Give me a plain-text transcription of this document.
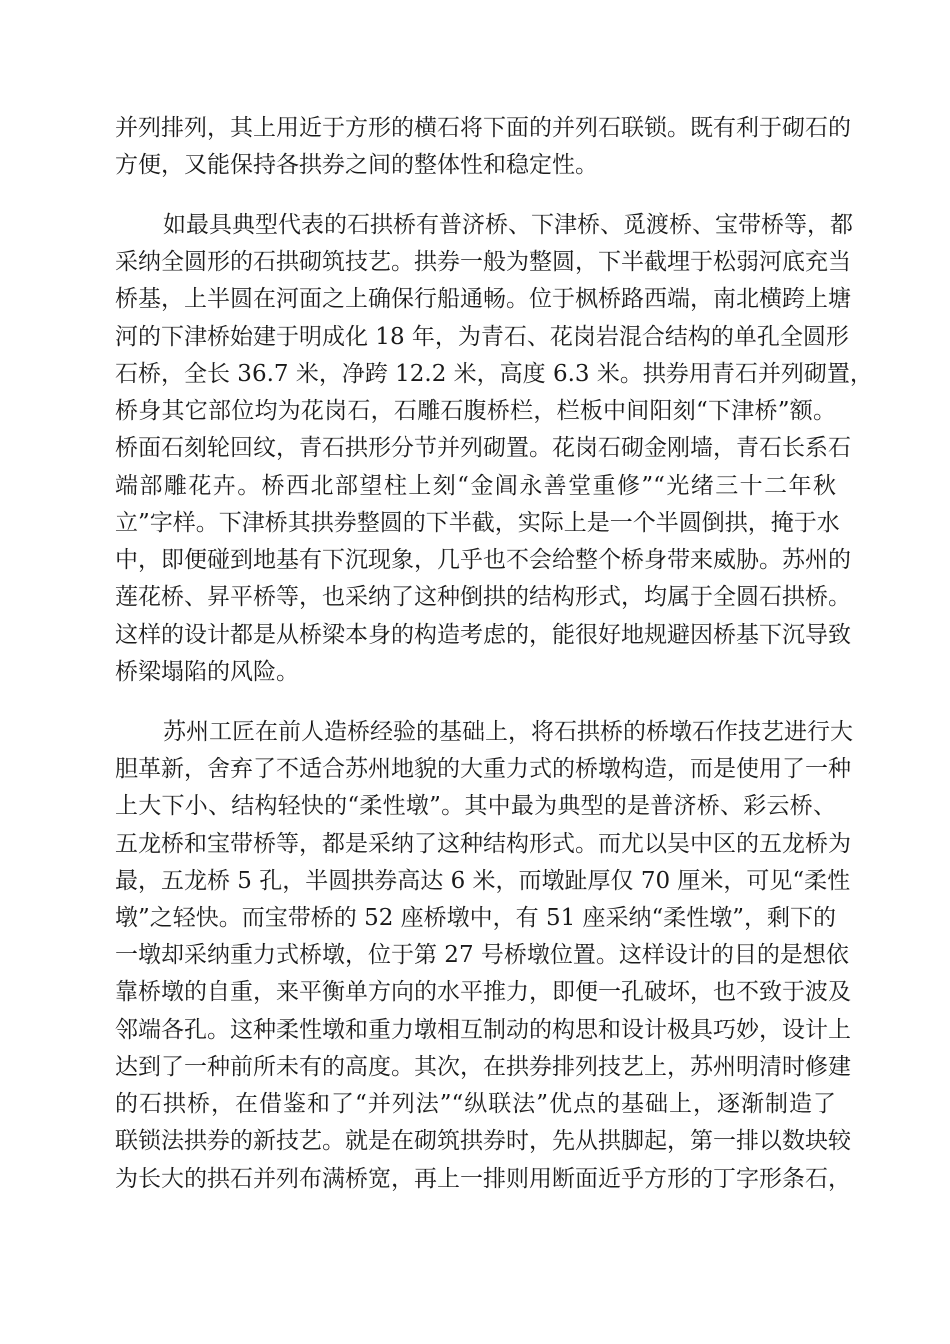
并列排列，其上用近于方形的横石将下面的并列石联锁。既有利于砌石的
方便，又能保持各拱券之间的整体性和稳定性。
如最具典型代表的石拱桥有普济桥、下津桥、觅渡桥、宝带桥等，都
采纳全圆形的石拱砌筑技艺。拱券一般为整圆，下半截埋于松弱河底充当
桥基，上半圆在河面之上确保行船通畅。位于枫桥路西端，南北横跨上塘
河的下津桥始建于明成化 18 年，为青石、花岗岩混合结构的单孔全圆形
石桥，全长 36.7 米，净跨 12.2 米，高度 6.3 米。拱券用青石并列砌置，
桥身其它部位均为花岗石，石雕石腹桥栏，栏板中间阳刻“下津桥”额。
桥面石刻轮回纹，青石拱形分节并列砌置。花岗石砌金刚墙，青石长系石
端部雕花卉。桥西北部望柱上刻“金阊永善堂重修”“光绪三十二年秋
立”字样。下津桥其拱券整圆的下半截，实际上是一个半圆倒拱，掩于水
中，即便碰到地基有下沉现象，几乎也不会给整个桥身带来威胁。苏州的
莲花桥、昇平桥等，也采纳了这种倒拱的结构形式，均属于全圆石拱桥。
这样的设计都是从桥梁本身的构造考虑的，能很好地规避因桥基下沉导致
桥梁塌陷的风险。
苏州工匠在前人造桥经验的基础上，将石拱桥的桥墩石作技艺进行大
胆革新，舍弃了不适合苏州地貌的大重力式的桥墩构造，而是使用了一种
上大下小、结构轻快的“柔性墩”。其中最为典型的是普济桥、彩云桥、
五龙桥和宝带桥等，都是采纳了这种结构形式。而尤以吴中区的五龙桥为
最，五龙桥 5 孔，半圆拱券高达 6 米，而墩趾厚仅 70 厘米，可见“柔性
墩”之轻快。而宝带桥的 52 座桥墩中，有 51 座采纳“柔性墩”，剩下的
一墩却采纳重力式桥墩，位于第 27 号桥墩位置。这样设计的目的是想依
靠桥墩的自重，来平衡单方向的水平推力，即便一孔破坏，也不致于波及
邻端各孔。这种柔性墩和重力墩相互制动的构思和设计极具巧妙，设计上
达到了一种前所未有的高度。其次，在拱券排列技艺上，苏州明清时修建
的石拱桥，在借鉴和了“并列法”“纵联法”优点的基础上，逐渐制造了
联锁法拱券的新技艺。就是在砌筑拱券时，先从拱脚起，第一排以数块较
为长大的拱石并列布满桥宽，再上一排则用断面近乎方形的丁字形条石，
